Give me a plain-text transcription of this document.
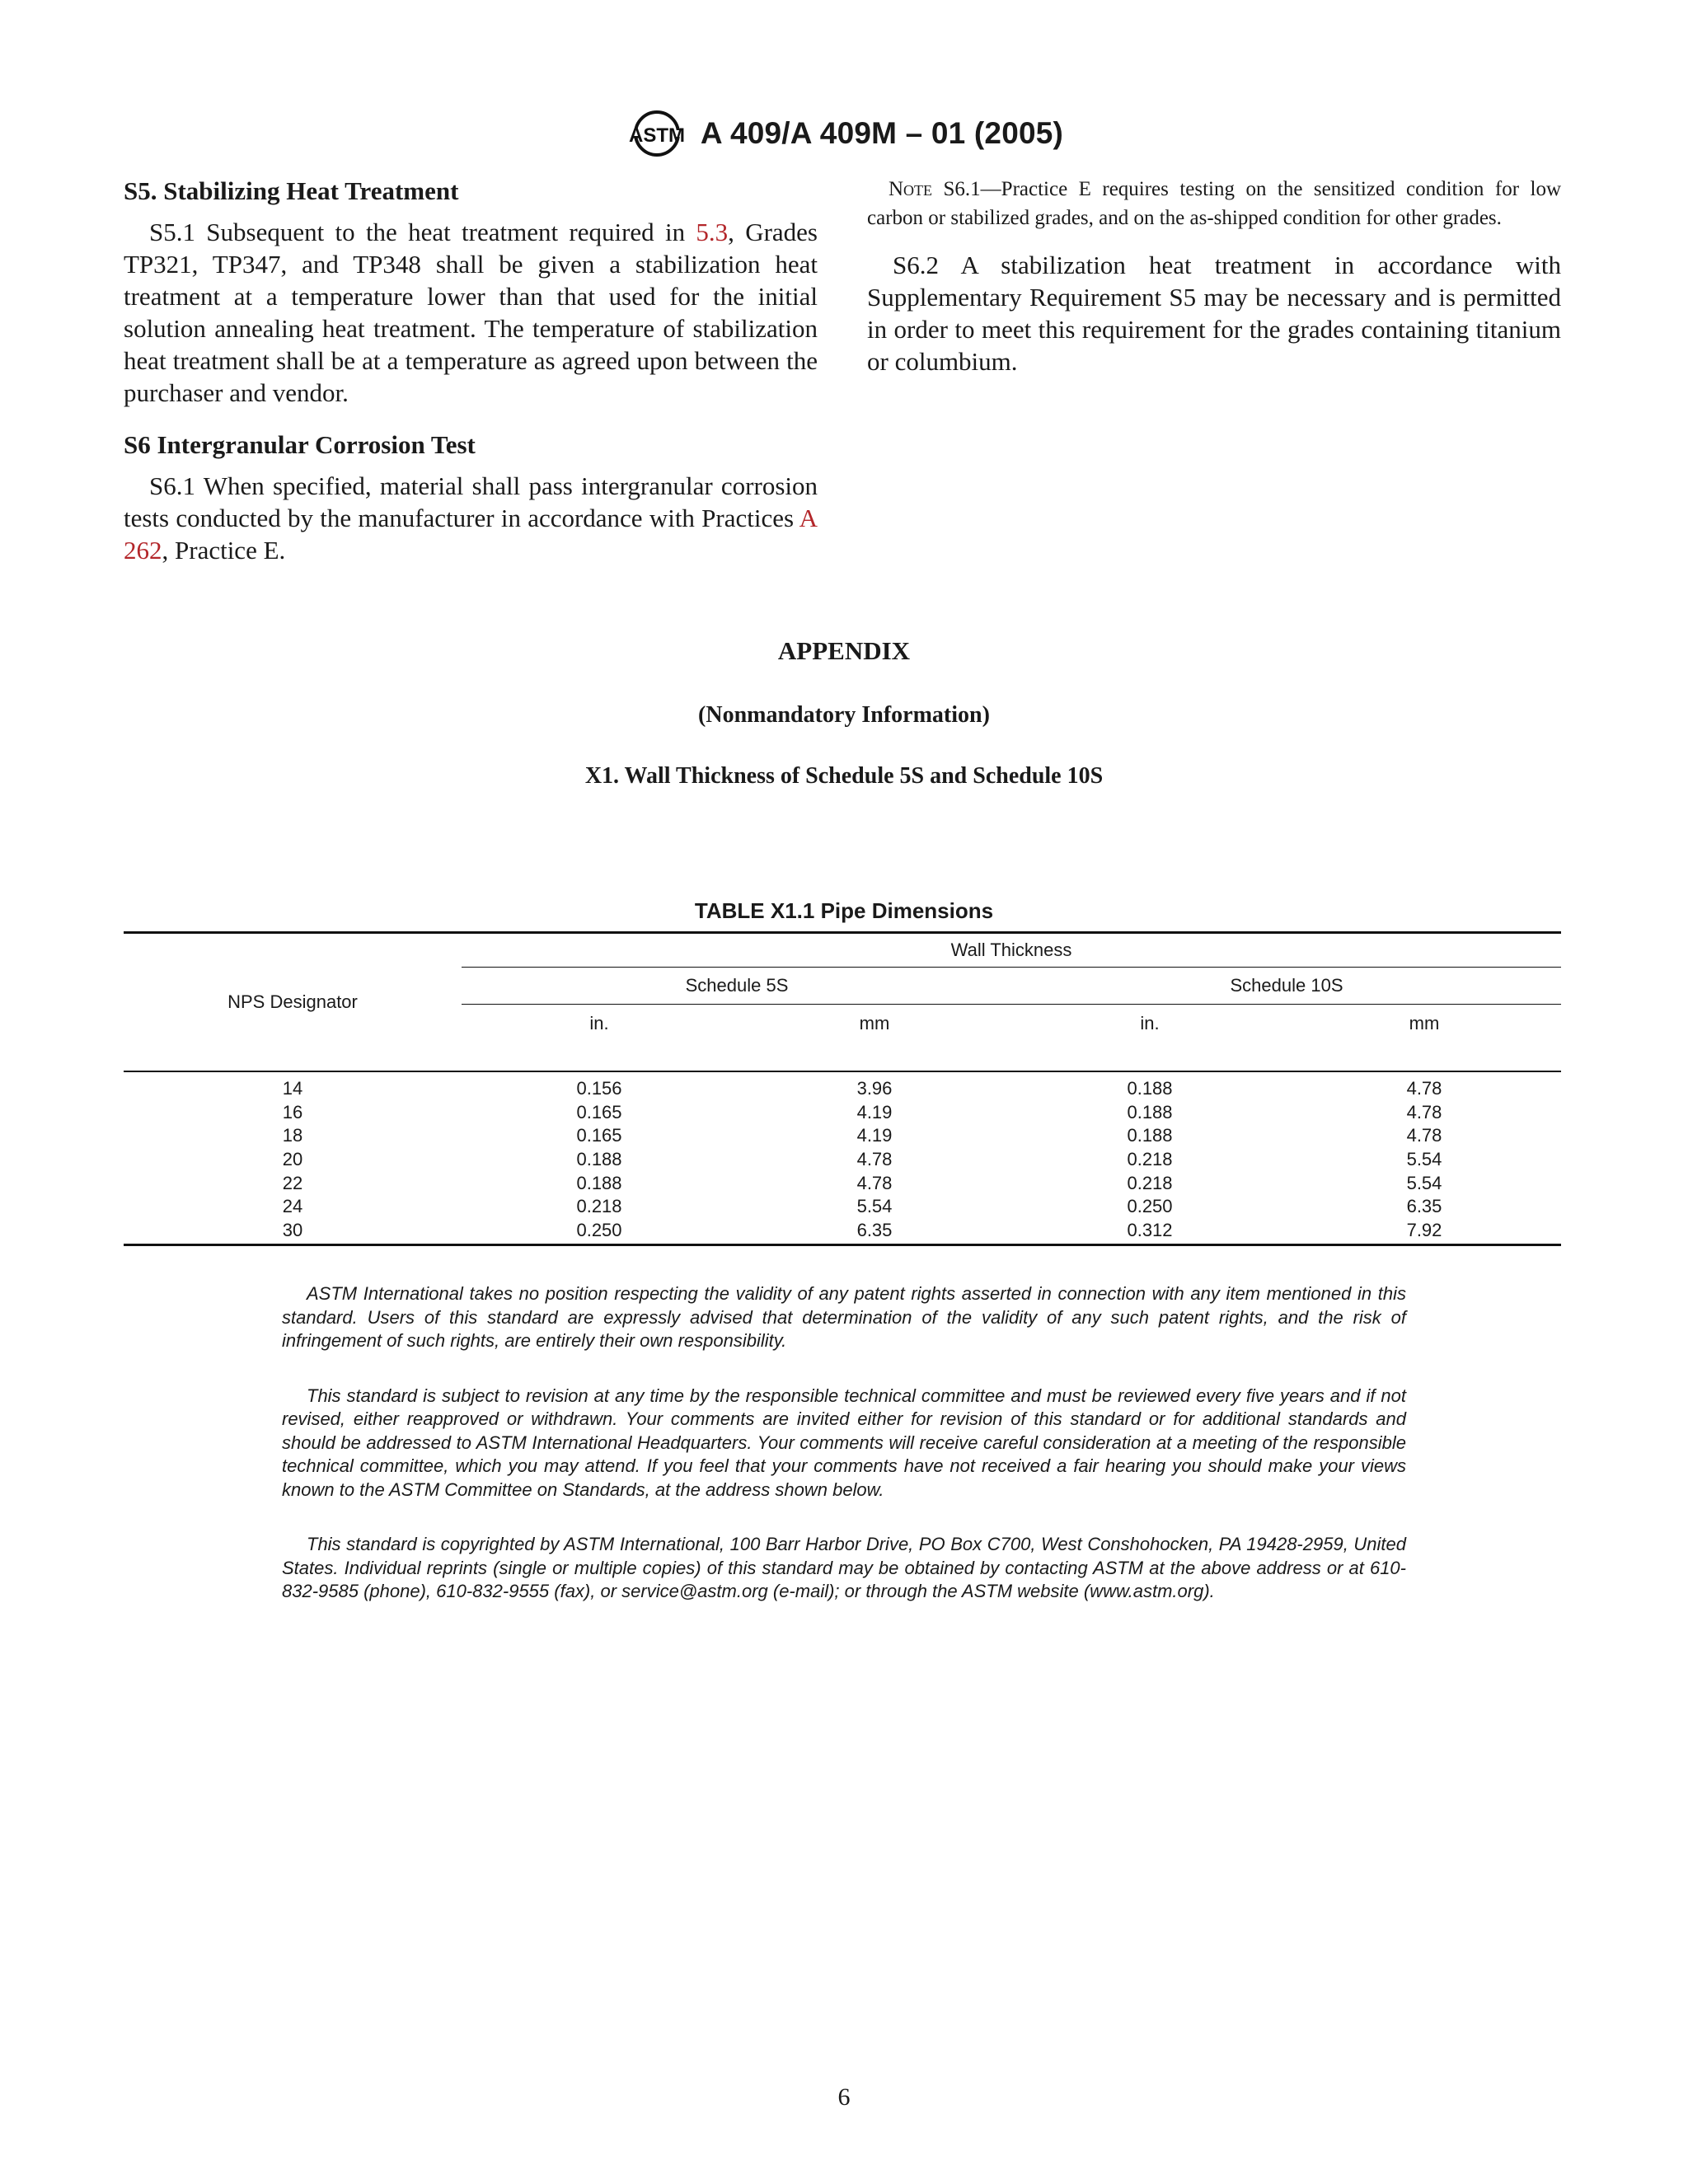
ASTM A 409/A 409M – 01 (2005)
S5. Stabilizing Heat Treatment

S5.1 Subsequent to the heat treatment required in 5.3, Grades TP321, TP347, and TP348 shall be given a stabilization heat treatment at a temperature lower than that used for the initial solution annealing heat treatment. The temperature of stabilization heat treatment shall be at a temperature as agreed upon between the purchaser and vendor.

S6 Intergranular Corrosion Test

S6.1 When specified, material shall pass intergranular corrosion tests conducted by the manufacturer in accordance with Practices A 262, Practice E.

Note S6.1—Practice E requires testing on the sensitized condition for low carbon or stabilized grades, and on the as-shipped condition for other grades.

S6.2 A stabilization heat treatment in accordance with Supplementary Requirement S5 may be necessary and is permitted in order to meet this requirement for the grades containing titanium or columbium.

APPENDIX
(Nonmandatory Information)
X1. Wall Thickness of Schedule 5S and Schedule 10S
TABLE X1.1 Pipe Dimensions
NPS Designator	Wall Thickness			
	Schedule 5S		Schedule 10S	
	in.	mm	in.	mm
14	0.156	3.96	0.188	4.78
16	0.165	4.19	0.188	4.78
18	0.165	4.19	0.188	4.78
20	0.188	4.78	0.218	5.54
22	0.188	4.78	0.218	5.54
24	0.218	5.54	0.250	6.35
30	0.250	6.35	0.312	7.92

ASTM International takes no position respecting the validity of any patent rights asserted in connection with any item mentioned in this standard. Users of this standard are expressly advised that determination of the validity of any such patent rights, and the risk of infringement of such rights, are entirely their own responsibility.

This standard is subject to revision at any time by the responsible technical committee and must be reviewed every five years and if not revised, either reapproved or withdrawn. Your comments are invited either for revision of this standard or for additional standards and should be addressed to ASTM International Headquarters. Your comments will receive careful consideration at a meeting of the responsible technical committee, which you may attend. If you feel that your comments have not received a fair hearing you should make your views known to the ASTM Committee on Standards, at the address shown below.

This standard is copyrighted by ASTM International, 100 Barr Harbor Drive, PO Box C700, West Conshohocken, PA 19428-2959, United States. Individual reprints (single or multiple copies) of this standard may be obtained by contacting ASTM at the above address or at 610-832-9585 (phone), 610-832-9555 (fax), or service@astm.org (e-mail); or through the ASTM website (www.astm.org).

6
